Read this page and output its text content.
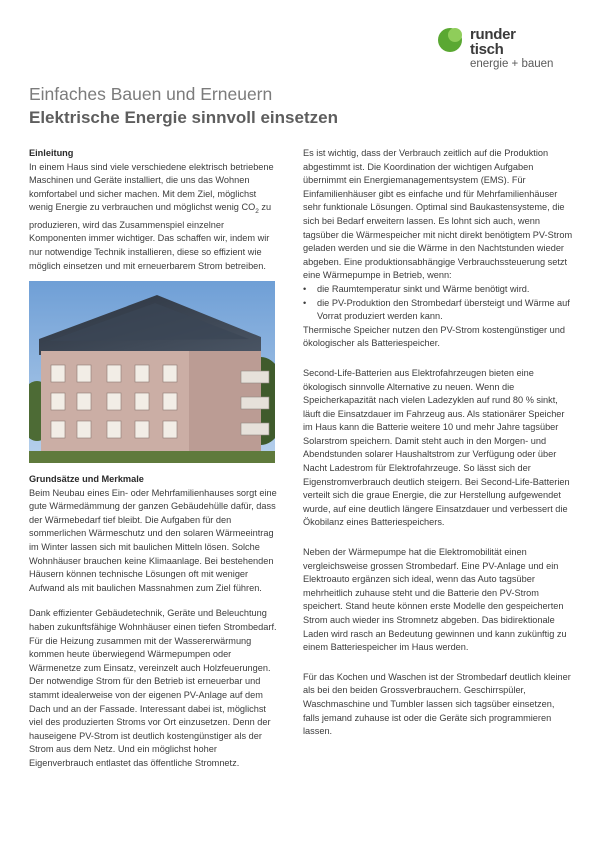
runder
tisch
energie + bauen
Einfaches Bauen und Erneuern
Elektrische Energie sinnvoll einsetzen
Einleitung

In einem Haus sind viele verschiedene elektrisch betriebene Maschinen und Geräte installiert, die uns das Wohnen komfortabel und sicher machen. Mit dem Ziel, möglichst wenig Energie zu verbrauchen und möglichst wenig $CO_2$ zu produzieren, wird das Zusammenspiel einzelner Komponenten immer wichtiger. Das schaffen wir, indem wir nur notwendige Technik installieren, diese so effizient wie möglich einsetzen und mit erneuerbarem Strom betreiben.

Grundsätze und Merkmale

Beim Neubau eines Ein- oder Mehrfamilienhauses sorgt eine gute Wärmedämmung der ganzen Gebäudehülle dafür, dass der Wärmebedarf tief bleibt. Die Aufgaben für den sommerlichen Wärmeschutz und den solaren Wärmeeintrag im Winter lassen sich mit baulichen Mitteln lösen. Solche Wohnhäuser brauchen keine Klimaanlage. Bei bestehenden Häusern können technische Lösungen oft mit weniger Aufwand als mit baulichen Massnahmen zum Ziel führen.

Dank effizienter Gebäudetechnik, Geräte und Beleuchtung haben zukunftsfähige Wohnhäuser einen tiefen Strombedarf. Für die Heizung zusammen mit der Wassererwärmung kommen heute überwiegend Wärmepumpen oder Wärmenetze zum Einsatz, vereinzelt auch Holzfeuerungen. Der notwendige Strom für den Betrieb ist erneuerbar und stammt idealerweise von der eigenen PV-Anlage auf dem Dach und an der Fassade. Interessant dabei ist, möglichst viel des produzierten Stroms vor Ort einzusetzen. Denn der hauseigene PV-Strom ist deutlich kostengünstiger als der Strom aus dem Netz. Und ein möglichst hoher Eigenverbrauch entlastet das öffentliche Stromnetz.

Es ist wichtig, dass der Verbrauch zeitlich auf die Produktion abgestimmt ist. Die Koordination der wichtigen Aufgaben übernimmt ein Energiemanagementsystem (EMS). Für Einfamilienhäuser gibt es einfache und für Mehrfamilienhäuser sehr funktionale Lösungen. Optimal sind Baukastensysteme, die sich bei Bedarf erweitern lassen. Es lohnt sich auch, wenn tagsüber die Wärmespeicher mit nicht direkt benötigtem PV-Strom geladen werden und sie die Wärme in den Nachtstunden wieder abgeben. Eine produktionsabhängige Verbrauchssteuerung setzt eine Wärmepumpe in Betrieb, wenn:

• die Raumtemperatur sinkt und Wärme benötigt wird.
• die PV-Produktion den Strombedarf übersteigt und Wärme auf Vorrat produziert werden kann.

Thermische Speicher nutzen den PV-Strom kostengünstiger und ökologischer als Batteriespeicher.

Second-Life-Batterien aus Elektrofahrzeugen bieten eine ökologisch sinnvolle Alternative zu neuen. Wenn die Speicherkapazität nach vielen Ladezyklen auf rund 80 % sinkt, läuft die Einsatzdauer im Fahrzeug aus. Als stationärer Speicher im Haus kann die Batterie weitere 10 und mehr Jahre tagsüber Solarstrom speichern. Damit steht auch in den Morgen- und Abendstunden solarer Haushaltstrom zur Verfügung oder über Nacht Ladestrom für Elektrofahrzeuge. So lässt sich der Eigenstromverbrauch deutlich steigern. Bei Second-Life-Batterien verteilt sich die graue Energie, die zur Herstellung aufgewendet wurde, auf eine deutlich längere Einsatzdauer und verbessert die Ökobilanz eines Batteriespeichers.

Neben der Wärmepumpe hat die Elektromobilität einen vergleichsweise grossen Strombedarf. Eine PV-Anlage und ein Elektroauto ergänzen sich ideal, wenn das Auto tagsüber mehrheitlich zuhause steht und die Batterie den PV-Strom speichert. Stand heute können erste Modelle den gespeicherten Strom auch wieder ins Stromnetz abgeben. Das bidirektionale Laden wird rasch an Bedeutung gewinnen und kann zukünftig zu einem Batteriespeicher im Haus werden.

Für das Kochen und Waschen ist der Strombedarf deutlich kleiner als bei den beiden Grossverbrauchern. Geschirrspüler, Waschmaschine und Tumbler lassen sich tagsüber einsetzen, falls jemand zuhause ist oder die Geräte sich programmieren lassen.
